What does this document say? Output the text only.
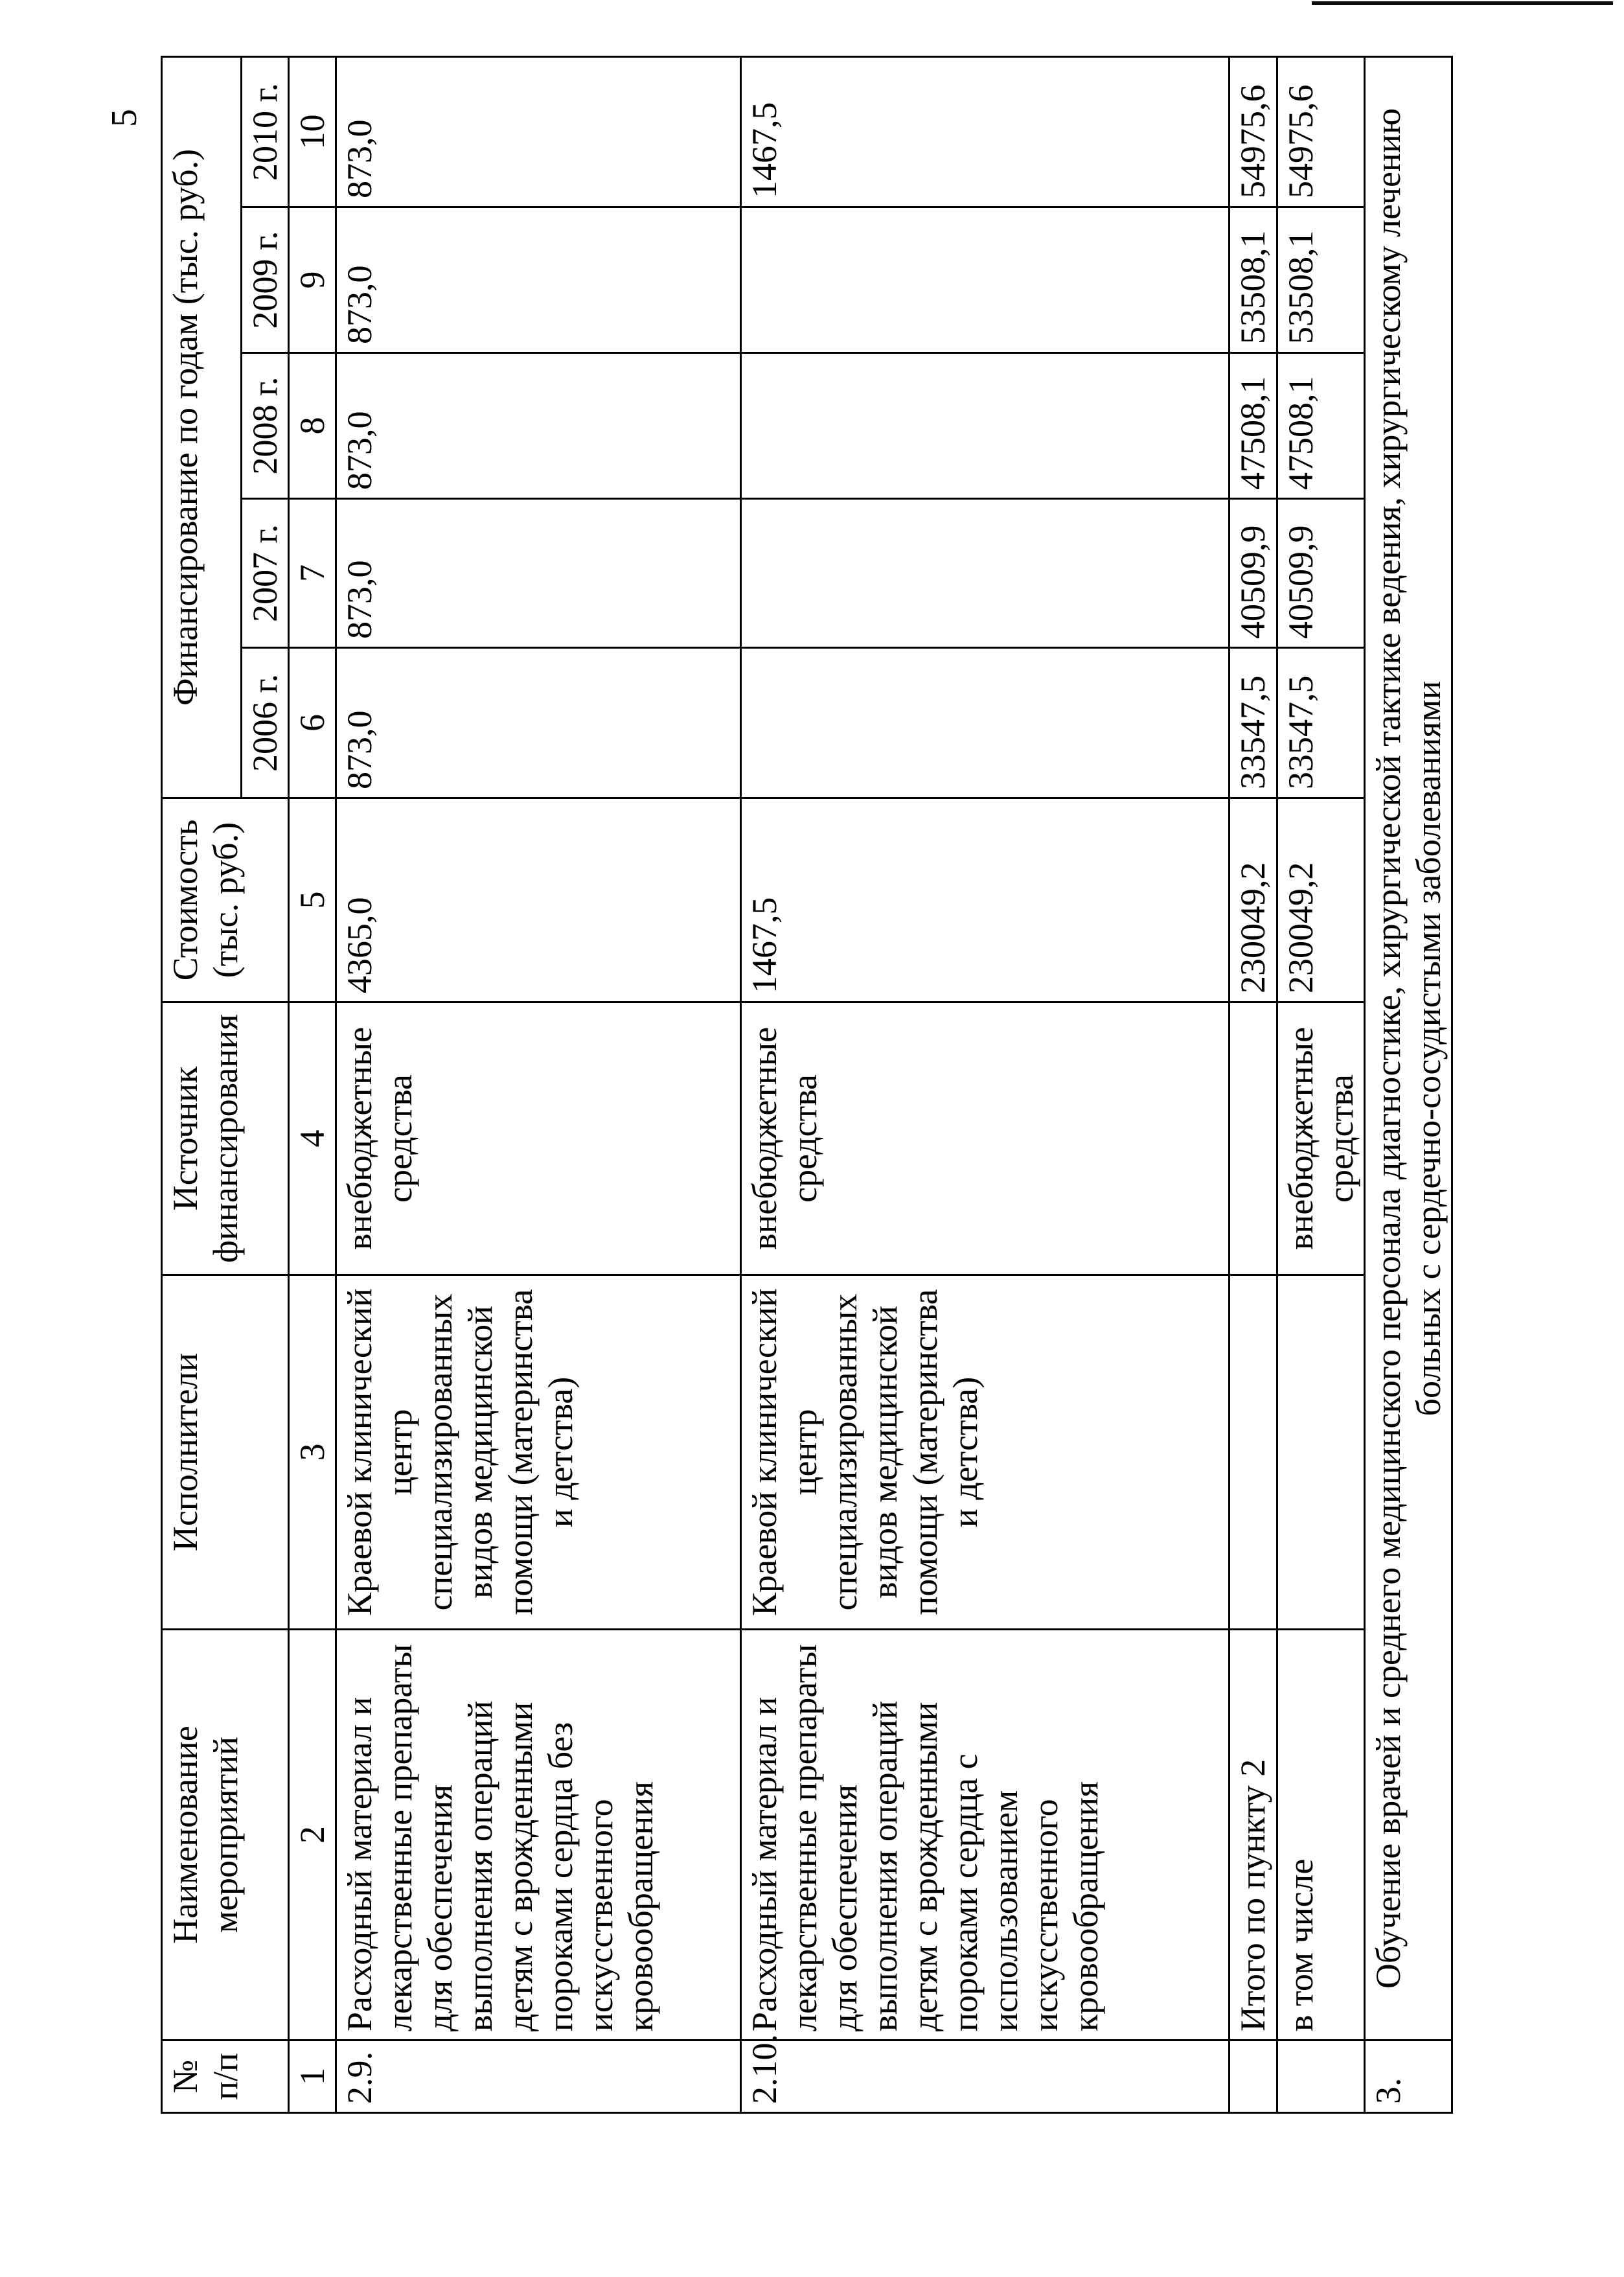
5
№ п/п	Наименование мероприятий	Исполнители	Источник финансирования	Стоимость (тыс. руб.)	Финансирование по годам (тыс. руб.)				
					2006 г.	2007 г.	2008 г.	2009 г.	2010 г.
1	2	3	4	5	6	7	8	9	10
2.9.	Расходный материал и лекарственные препараты для обеспечения выполнения операций детям с врожденными пороками сердца без искусственного кровообращения	Краевой клинический центр специализированных видов медицинской помощи (материнства и детства)	внебюджетные средства	4365,0	873,0	873,0	873,0	873,0	873,0
2.10.	Расходный материал и лекарственные препараты для обеспечения выполнения операций детям с врожденными пороками сердца с использованием искусственного кровообращения	Краевой клинический центр специализированных видов медицинской помощи (материнства и детства)	внебюджетные средства	1467,5					1467,5
	Итого по пункту 2			230049,2	33547,5	40509,9	47508,1	53508,1	54975,6
	в том числе		внебюджетные средства	230049,2	33547,5	40509,9	47508,1	53508,1	54975,6
3.	Обучение врачей и среднего медицинского персонала диагностике, хирургической тактике ведения, хирургическому лечению больных с сердечно-сосудистыми заболеваниями								
